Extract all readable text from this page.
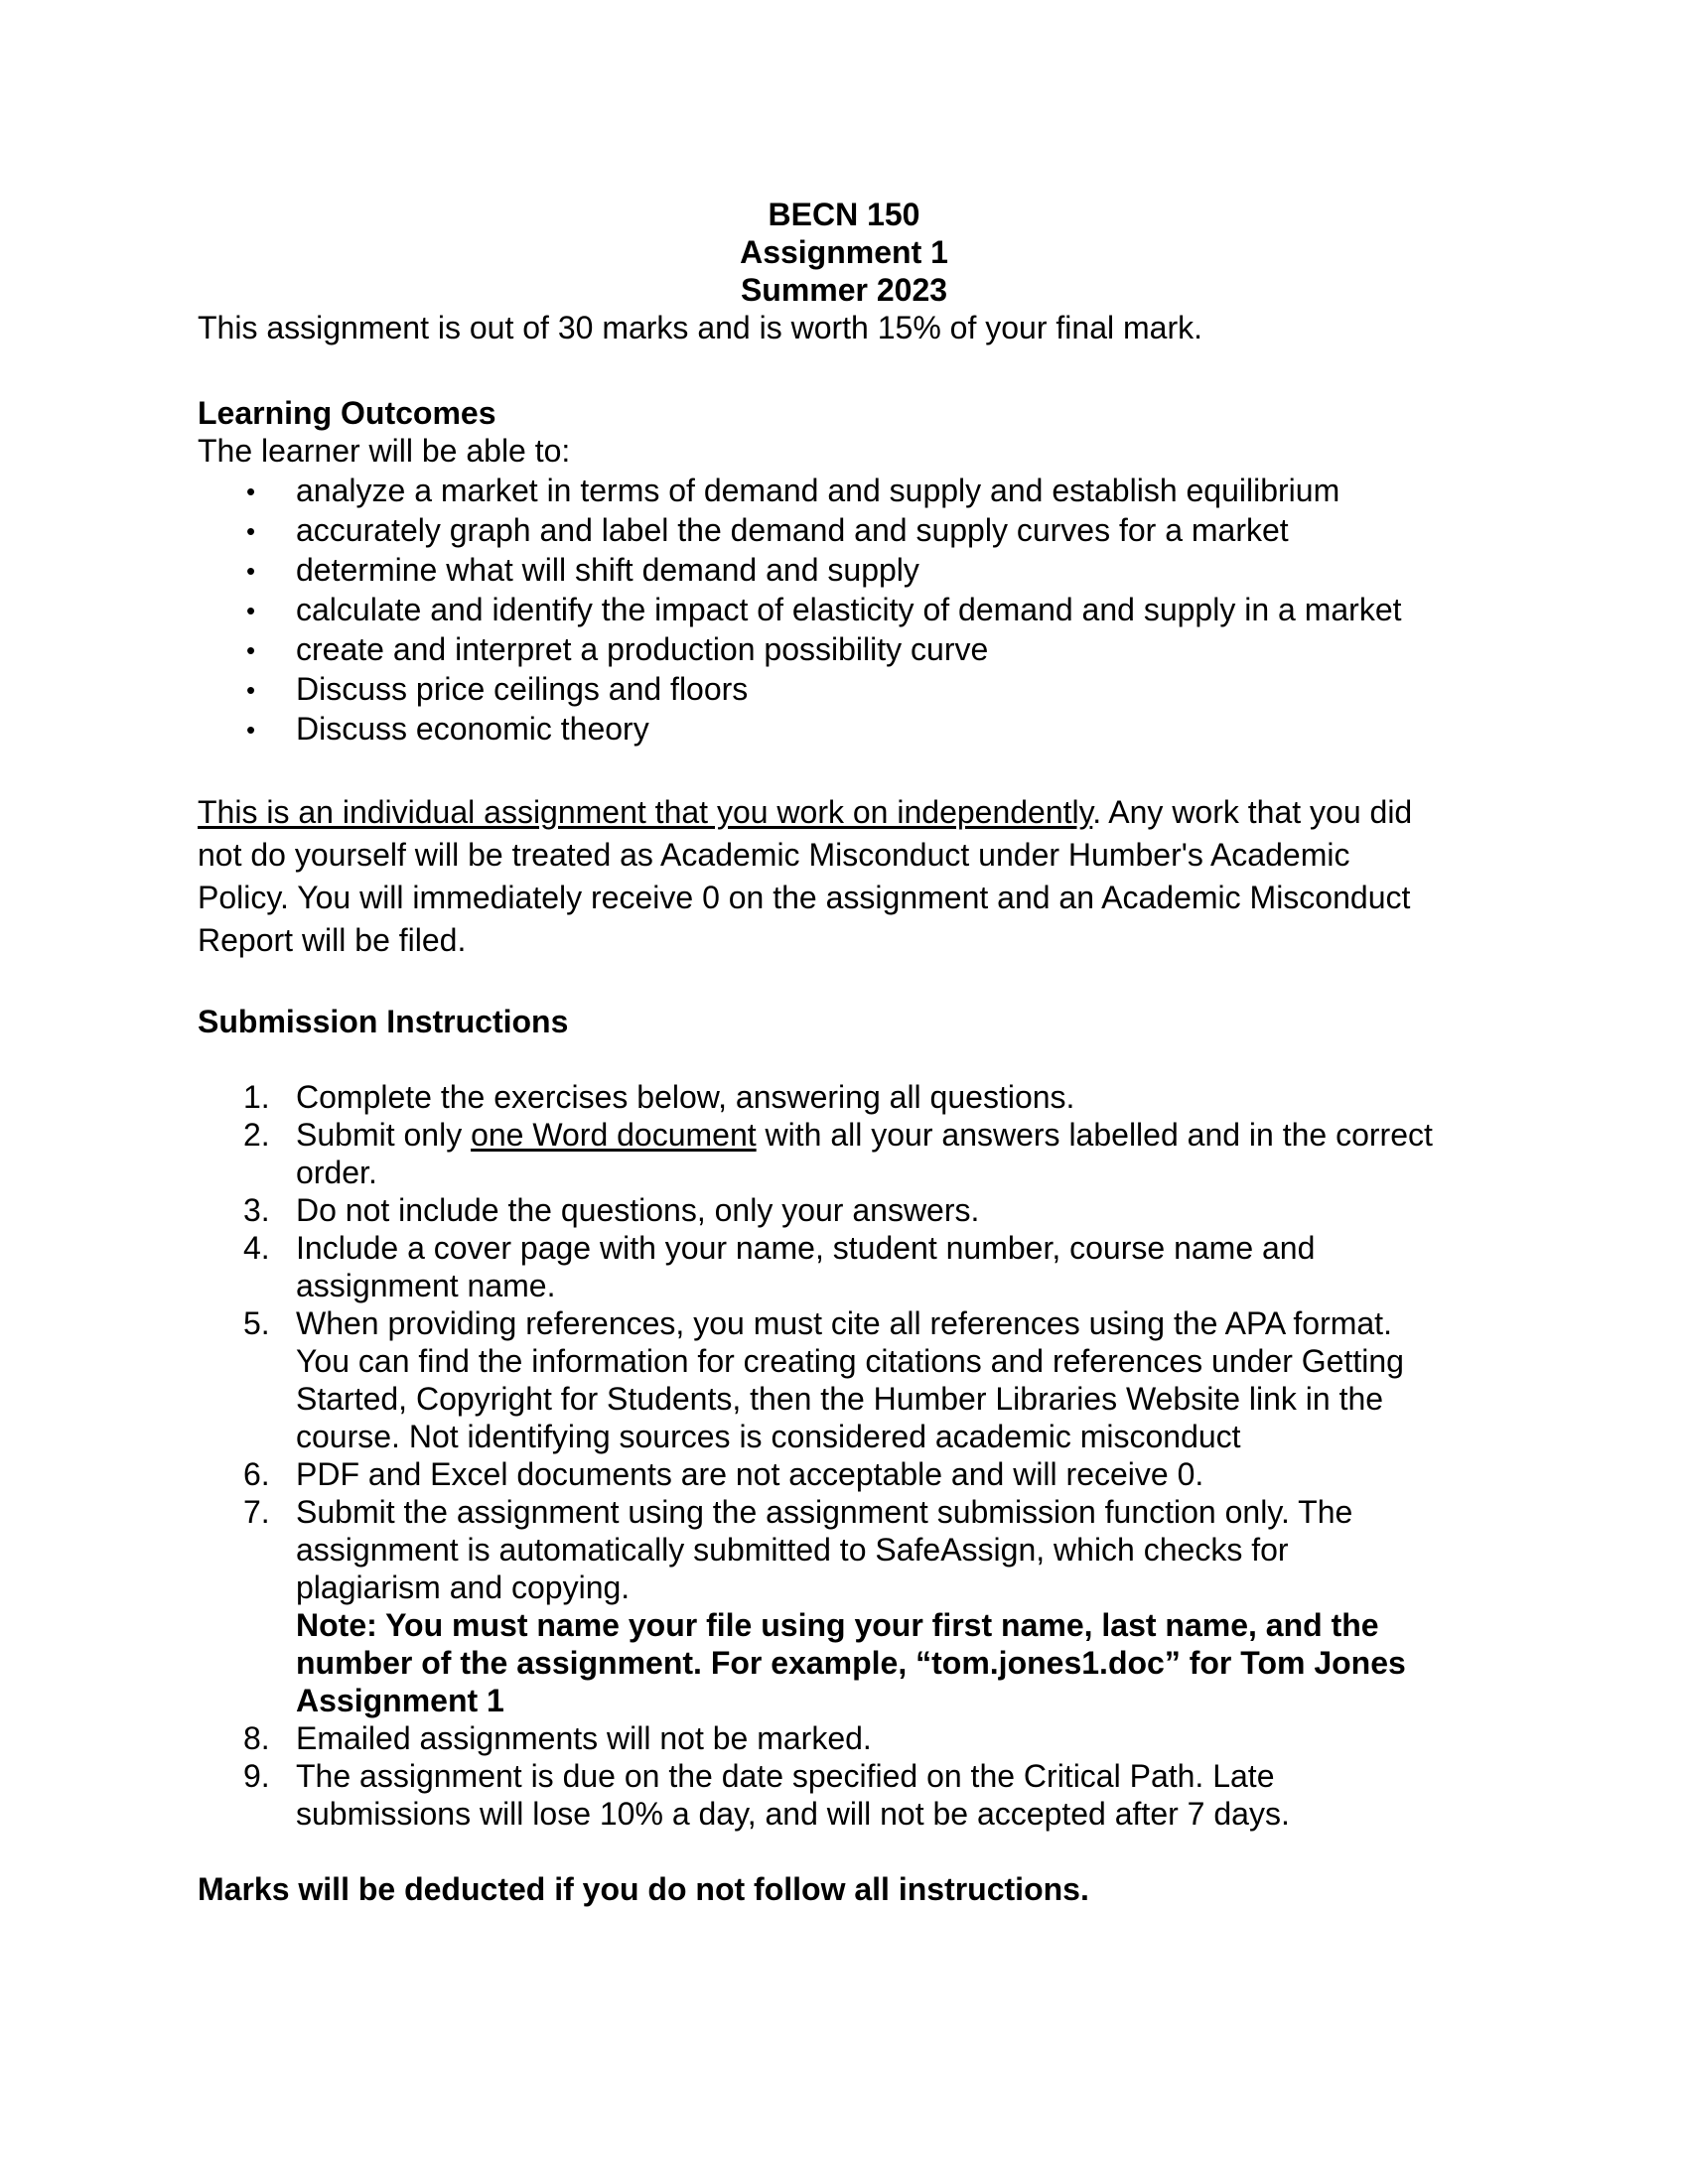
BECN 150
Assignment 1
Summer 2023
This assignment is out of 30 marks and is worth 15% of your final mark.
Learning Outcomes
The learner will be able to:
• analyze a market in terms of demand and supply and establish equilibrium
• accurately graph and label the demand and supply curves for a market
• determine what will shift demand and supply
• calculate and identify the impact of elasticity of demand and supply in a market
• create and interpret a production possibility curve
• Discuss price ceilings and floors
• Discuss economic theory
This is an individual assignment that you work on independently. Any work that you did
not do yourself will be treated as Academic Misconduct under Humber's Academic
Policy. You will immediately receive 0 on the assignment and an Academic Misconduct
Report will be filed.
Submission Instructions
1. Complete the exercises below, answering all questions.
2. Submit only one Word document with all your answers labelled and in the correct
order.
3. Do not include the questions, only your answers.
4. Include a cover page with your name, student number, course name and
assignment name.
5. When providing references, you must cite all references using the APA format.
You can find the information for creating citations and references under Getting
Started, Copyright for Students, then the Humber Libraries Website link in the
course. Not identifying sources is considered academic misconduct
6. PDF and Excel documents are not acceptable and will receive 0.
7. Submit the assignment using the assignment submission function only. The
assignment is automatically submitted to SafeAssign, which checks for
plagiarism and copying.
Note: You must name your file using your first name, last name, and the
number of the assignment. For example, “tom.jones1.doc” for Tom Jones
Assignment 1
8. Emailed assignments will not be marked.
9. The assignment is due on the date specified on the Critical Path. Late
submissions will lose 10% a day, and will not be accepted after 7 days.
Marks will be deducted if you do not follow all instructions.
